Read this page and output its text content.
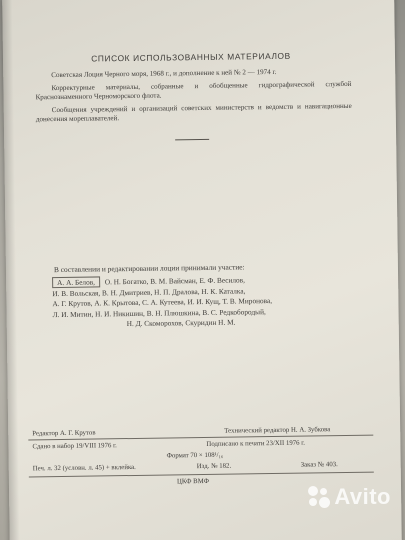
СПИСОК ИСПОЛЬЗОВАННЫХ МАТЕРИАЛОВ

Советская Лоция Черного моря, 1968 г., и дополнение к ней № 2 — 1974 г.

Корректурные материалы, собранные и обобщенные гидрографической службой Краснознаменного Черноморского флота.

Сообщения учреждений и организаций советских министерств и ведомств и навигационные донесения мореплавателей.

В составлении и редактировании лоции принимали участие:
А. А. Белов, О. Н. Богатко, В. М. Вайсман, Е. Ф. Весилов,
И. В. Вольская, В. Н. Дмитриев, Н. П. Дралова, Н. К. Каталка,
А. Г. Крутов, А. К. Крытова, С. А. Кутеева, И. И. Кущ, Т. В. Миронова,
Л. И. Митин, Н. И. Никишин, В. Н. Плюшкина, В. С. Редкобородый,
Н. Д. Скоморохов, Скуридин Н. М.
Редактор А. Г. Крутов	Технический редактор Н. А. Зубкова
Сдано в набор 19/VIII 1976 г.	Подписано к печати 23/XII 1976 г.
Формат 70 × 108¹/₁₆
Печ. л. 32 (условн. л. 45) + вклейка.	Изд. № 182.	Заказ № 403.
ЦКФ ВМФ
Avito
